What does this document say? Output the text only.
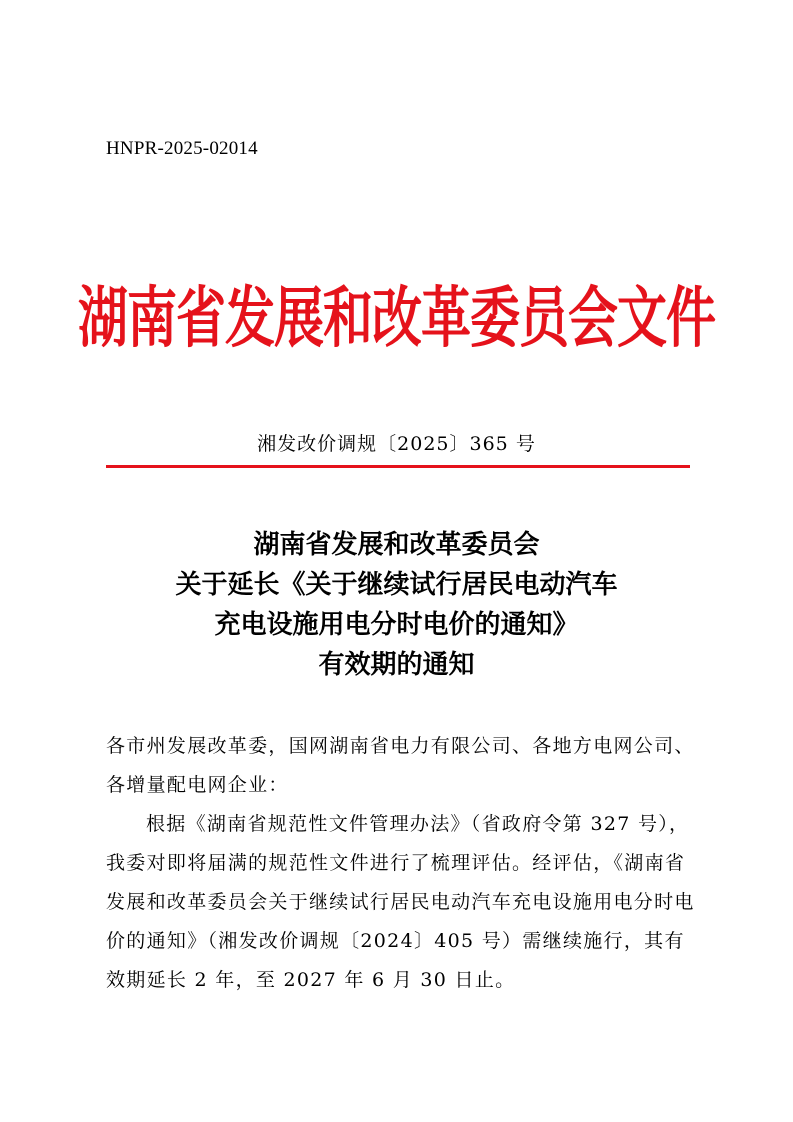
HNPR-2025-02014
湖南省发展和改革委员会文件
湘发改价调规〔2025〕365 号
湖南省发展和改革委员会
关于延长《关于继续试行居民电动汽车
充电设施用电分时电价的通知》
有效期的通知

各市州发展改革委，国网湖南省电力有限公司、各地方电网公司、各增量配电网企业：

根据《湖南省规范性文件管理办法》（省政府令第 327 号），我委对即将届满的规范性文件进行了梳理评估。经评估，《湖南省发展和改革委员会关于继续试行居民电动汽车充电设施用电分时电价的通知》（湘发改价调规〔2024〕405 号）需继续施行，其有效期延长 2 年，至 2027 年 6 月 30 日止。
